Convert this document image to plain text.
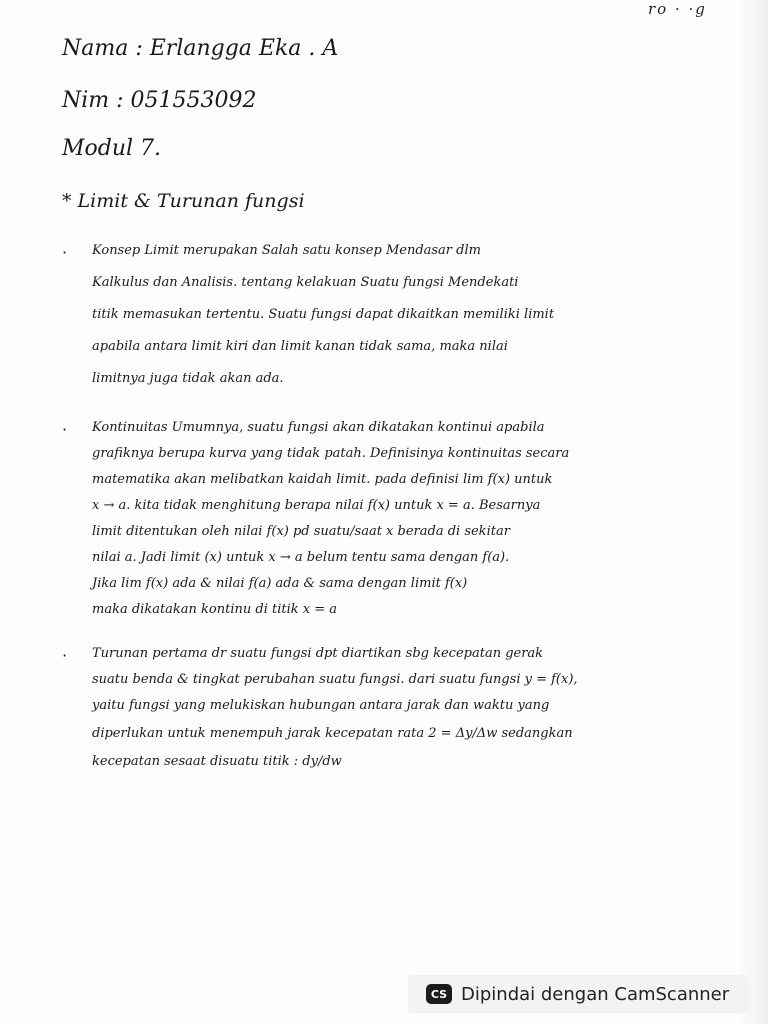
ro · ·g
Nama : Erlangga Eka . A
Nim : 051553092
Modul 7.
* Limit & Turunan fungsi
· Konsep Limit merupakan Salah satu konsep Mendasar dlm
Kalkulus dan Analisis. tentang kelakuan Suatu fungsi Mendekati
titik memasukan tertentu. Suatu fungsi dapat dikaitkan memiliki limit
apabila antara limit kiri dan limit kanan tidak sama, maka nilai
limitnya juga tidak akan ada.
· Kontinuitas Umumnya, suatu fungsi akan dikatakan kontinui apabila
grafiknya berupa kurva yang tidak patah. Definisinya kontinuitas secara
matematika akan melibatkan kaidah limit. pada definisi lim f(x) untuk
x → a. kita tidak menghitung berapa nilai f(x) untuk x = a. Besarnya
limit ditentukan oleh nilai f(x) pd suatu/saat x berada di sekitar
nilai a. Jadi limit (x) untuk x → a belum tentu sama dengan f(a).
Jika lim f(x) ada & nilai f(a) ada & sama dengan limit f(x)
maka dikatakan kontinu di titik x = a
· Turunan pertama dr suatu fungsi dpt diartikan sbg kecepatan gerak
suatu benda & tingkat perubahan suatu fungsi. dari suatu fungsi y = f(x),
yaitu fungsi yang melukiskan hubungan antara jarak dan waktu yang
diperlukan untuk menempuh jarak kecepatan rata 2 = Δy/Δw sedangkan
kecepatan sesaat disuatu titik : dy/dw
CS Dipindai dengan CamScanner
